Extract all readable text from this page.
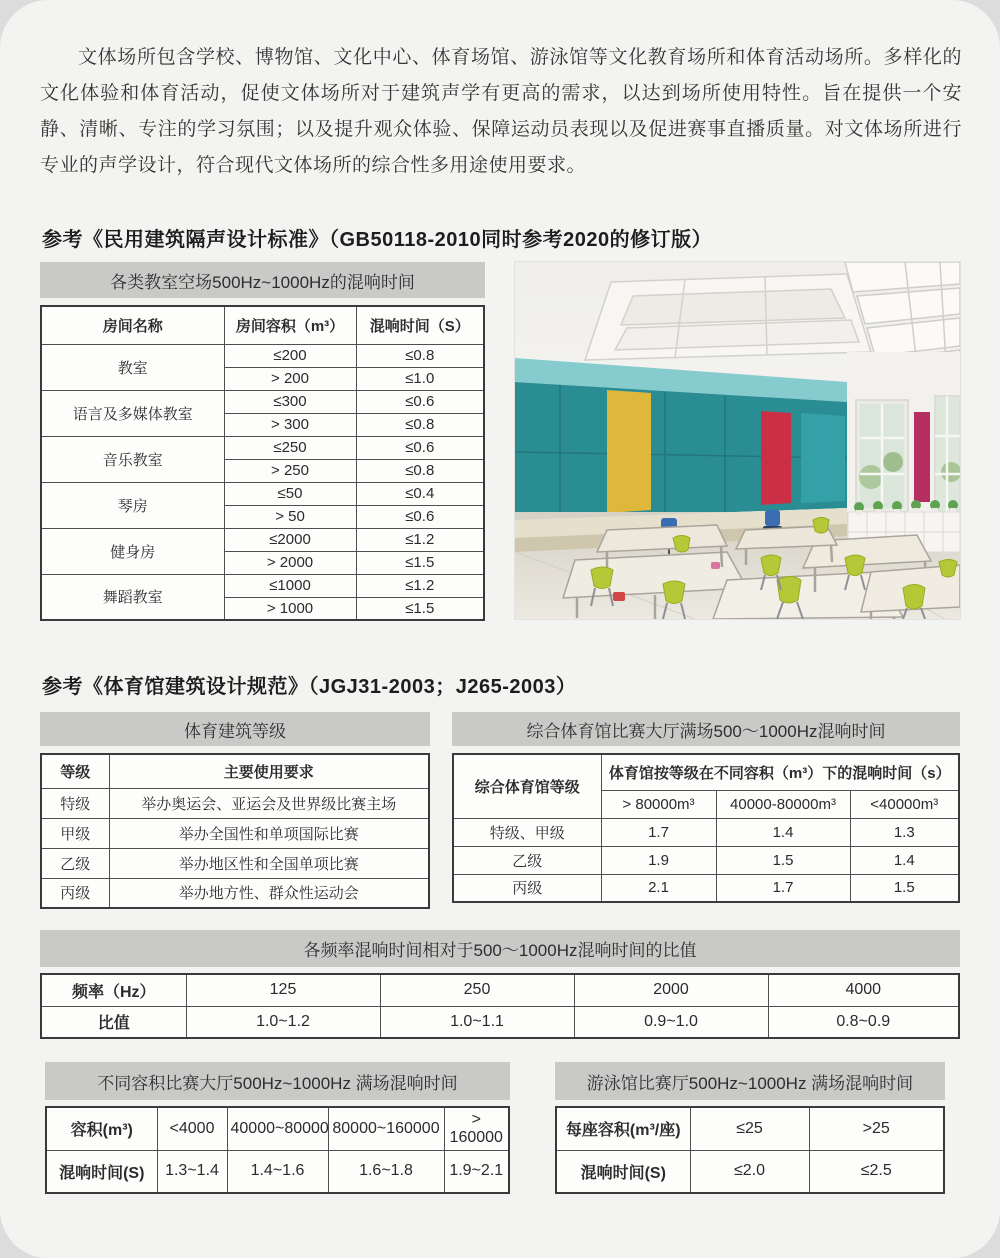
文体场所包含学校、博物馆、文化中心、体育场馆、游泳馆等文化教育场所和体育活动场所。多样化的文化体验和体育活动，促使文体场所对于建筑声学有更高的需求，以达到场所使用特性。旨在提供一个安静、清晰、专注的学习氛围；以及提升观众体验、保障运动员表现以及促进赛事直播质量。对文体场所进行专业的声学设计，符合现代文体场所的综合性多用途使用要求。

参考《民用建筑隔声设计标准》（GB50118-2010同时参考2020的修订版）
各类教室空场500Hz~1000Hz的混响时间
房间名称	房间容积（m³）	混响时间（S）
教室	≤200	≤0.8
	> 200	≤1.0
语言及多媒体教室	≤300	≤0.6
	> 300	≤0.8
音乐教室	≤250	≤0.6
	> 250	≤0.8
琴房	≤50	≤0.4
	> 50	≤0.6
健身房	≤2000	≤1.2
	> 2000	≤1.5
舞蹈教室	≤1000	≤1.2
	> 1000	≤1.5
参考《体育馆建筑设计规范》（JGJ31-2003；J265-2003）
体育建筑等级
等级	主要使用要求
特级	举办奥运会、亚运会及世界级比赛主场
甲级	举办全国性和单项国际比赛
乙级	举办地区性和全国单项比赛
丙级	举办地方性、群众性运动会
综合体育馆比赛大厅满场500～1000Hz混响时间
综合体育馆等级	体育馆按等级在不同容积（m³）下的混响时间（s）		
	> 80000m³	40000-80000m³	<40000m³
特级、甲级	1.7	1.4	1.3
乙级	1.9	1.5	1.4
丙级	2.1	1.7	1.5
各频率混响时间相对于500～1000Hz混响时间的比值
频率（Hz）	125	250	2000	4000
比值	1.0~1.2	1.0~1.1	0.9~1.0	0.8~0.9
不同容积比赛大厅500Hz~1000Hz 满场混响时间
容积(m³)	<4000	40000~80000	80000~160000	> 160000
混响时间(S)	1.3~1.4	1.4~1.6	1.6~1.8	1.9~2.1
游泳馆比赛厅500Hz~1000Hz 满场混响时间
每座容积(m³/座)	≤25	>25
混响时间(S)	≤2.0	≤2.5
